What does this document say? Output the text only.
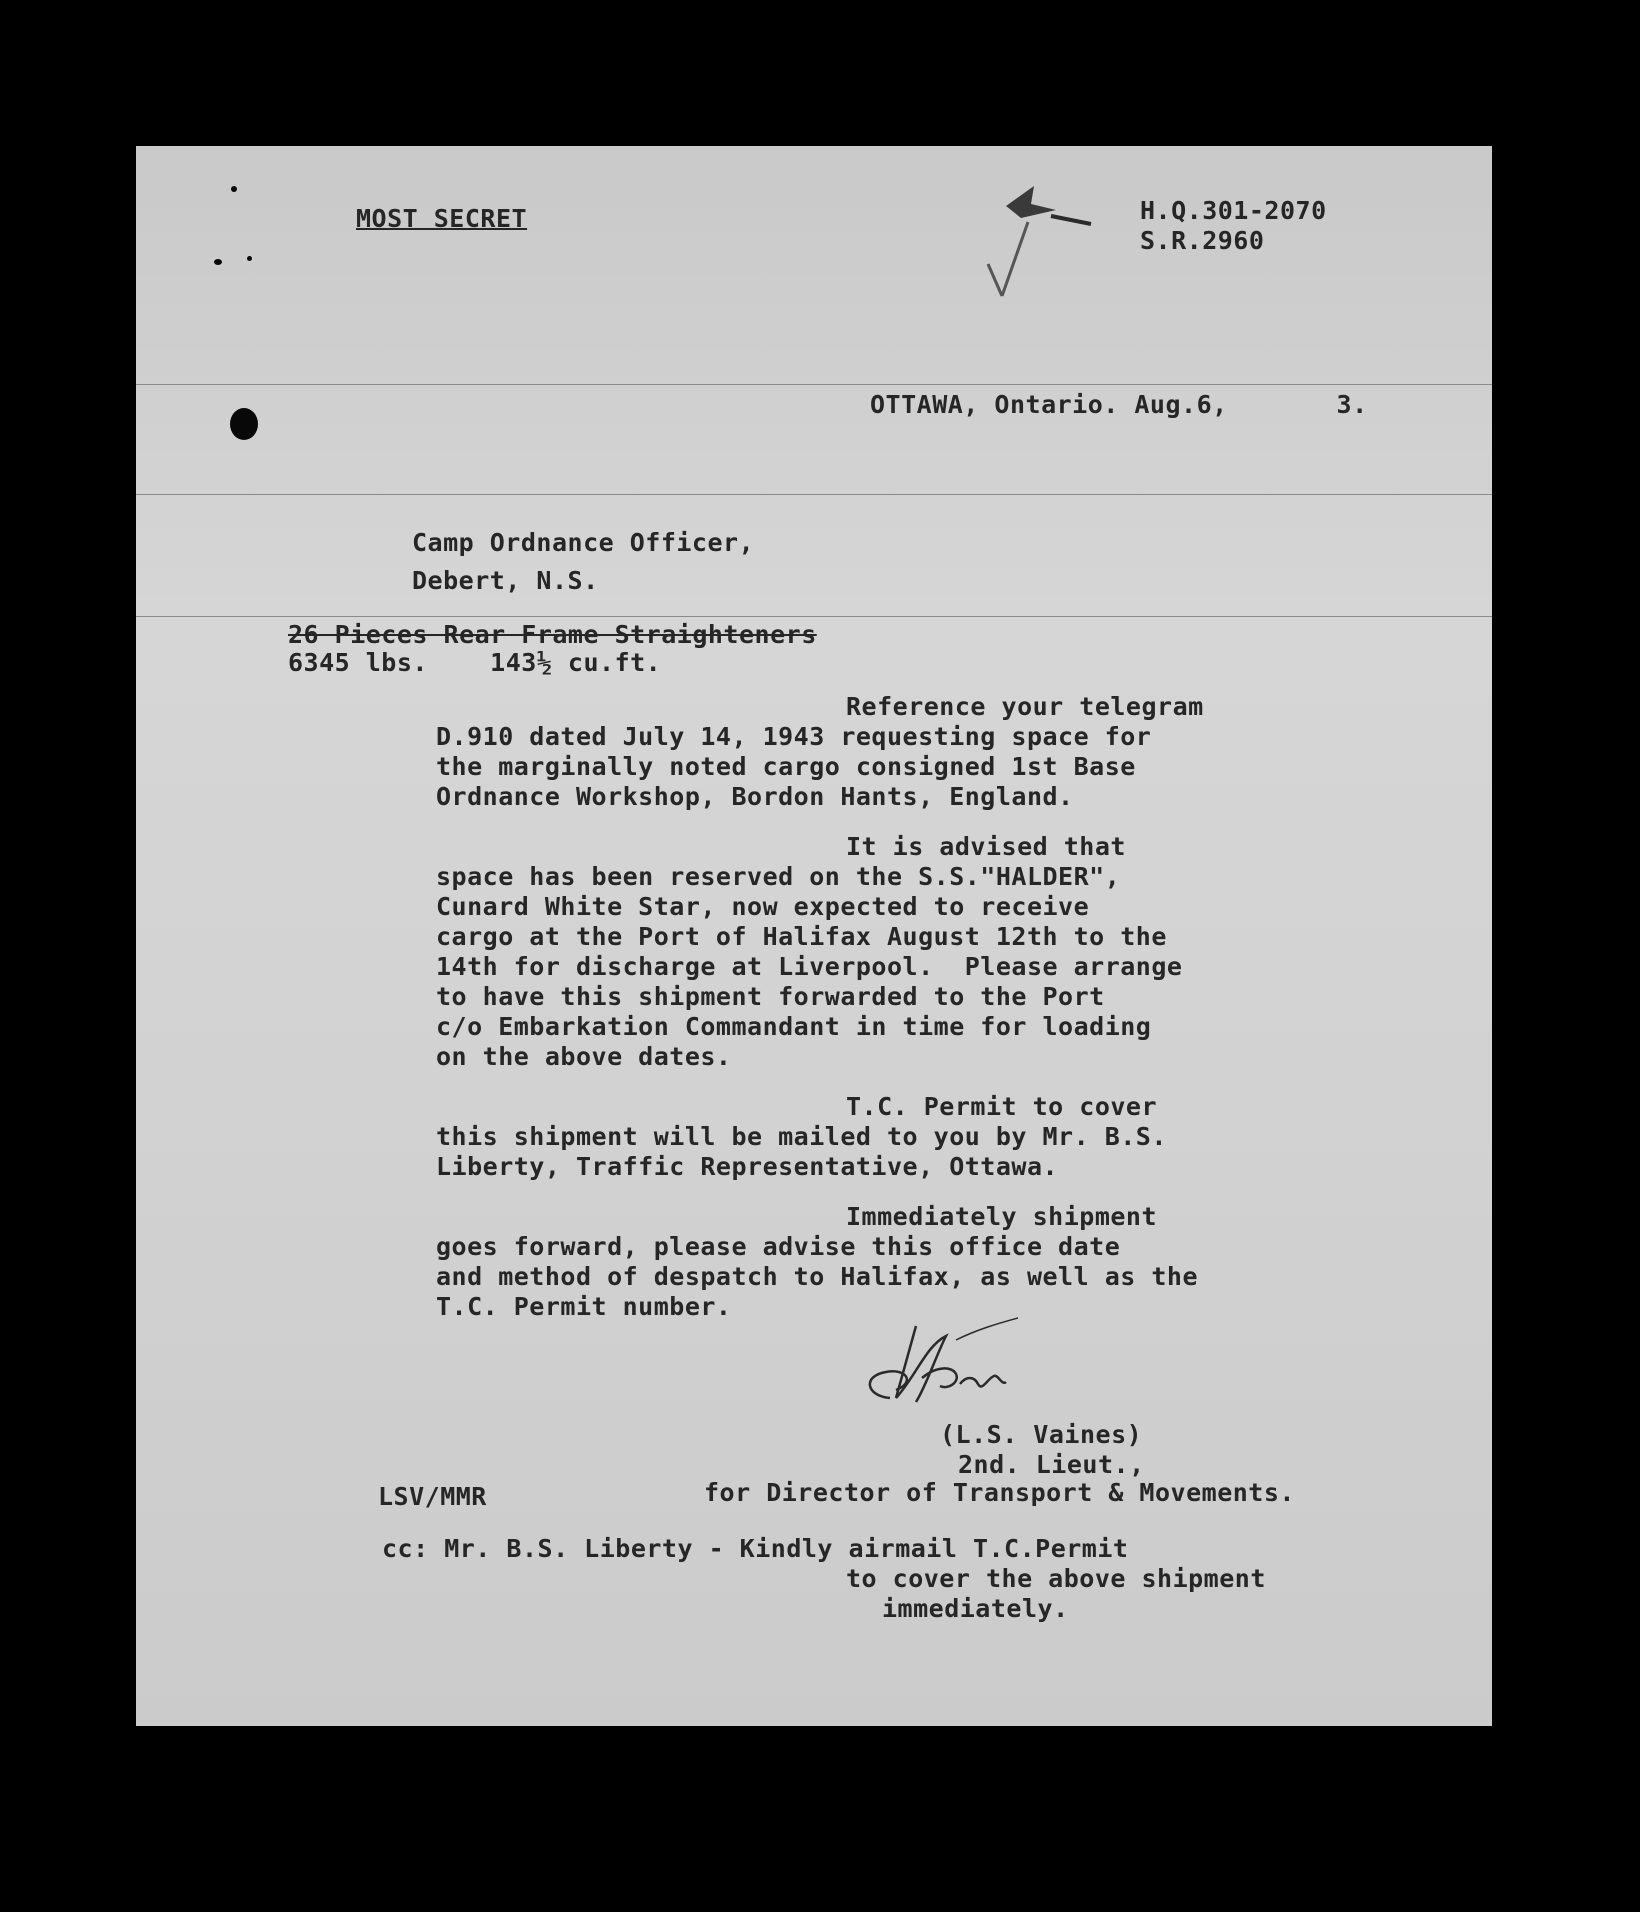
MOST SECRET	H.Q.301-2070
S.R.2960
OTTAWA, Ontario. Aug.6,       3.
Camp Ordnance Officer,
Debert, N.S.
26 Pieces Rear Frame Straighteners
6345 lbs.    143½ cu.ft.
Reference your telegram
D.910 dated July 14, 1943 requesting space for
the marginally noted cargo consigned 1st Base
Ordnance Workshop, Bordon Hants, England.
It is advised that
space has been reserved on the S.S."HALDER",
Cunard White Star, now expected to receive
cargo at the Port of Halifax August 12th to the
14th for discharge at Liverpool.  Please arrange
to have this shipment forwarded to the Port
c/o Embarkation Commandant in time for loading
on the above dates.
T.C. Permit to cover
this shipment will be mailed to you by Mr. B.S.
Liberty, Traffic Representative, Ottawa.
Immediately shipment
goes forward, please advise this office date
and method of despatch to Halifax, as well as the
T.C. Permit number.
(L.S. Vaines)
2nd. Lieut.,
LSV/MMR	for Director of Transport & Movements.
cc: Mr. B.S. Liberty - Kindly airmail T.C.Permit
to cover the above shipment
immediately.
